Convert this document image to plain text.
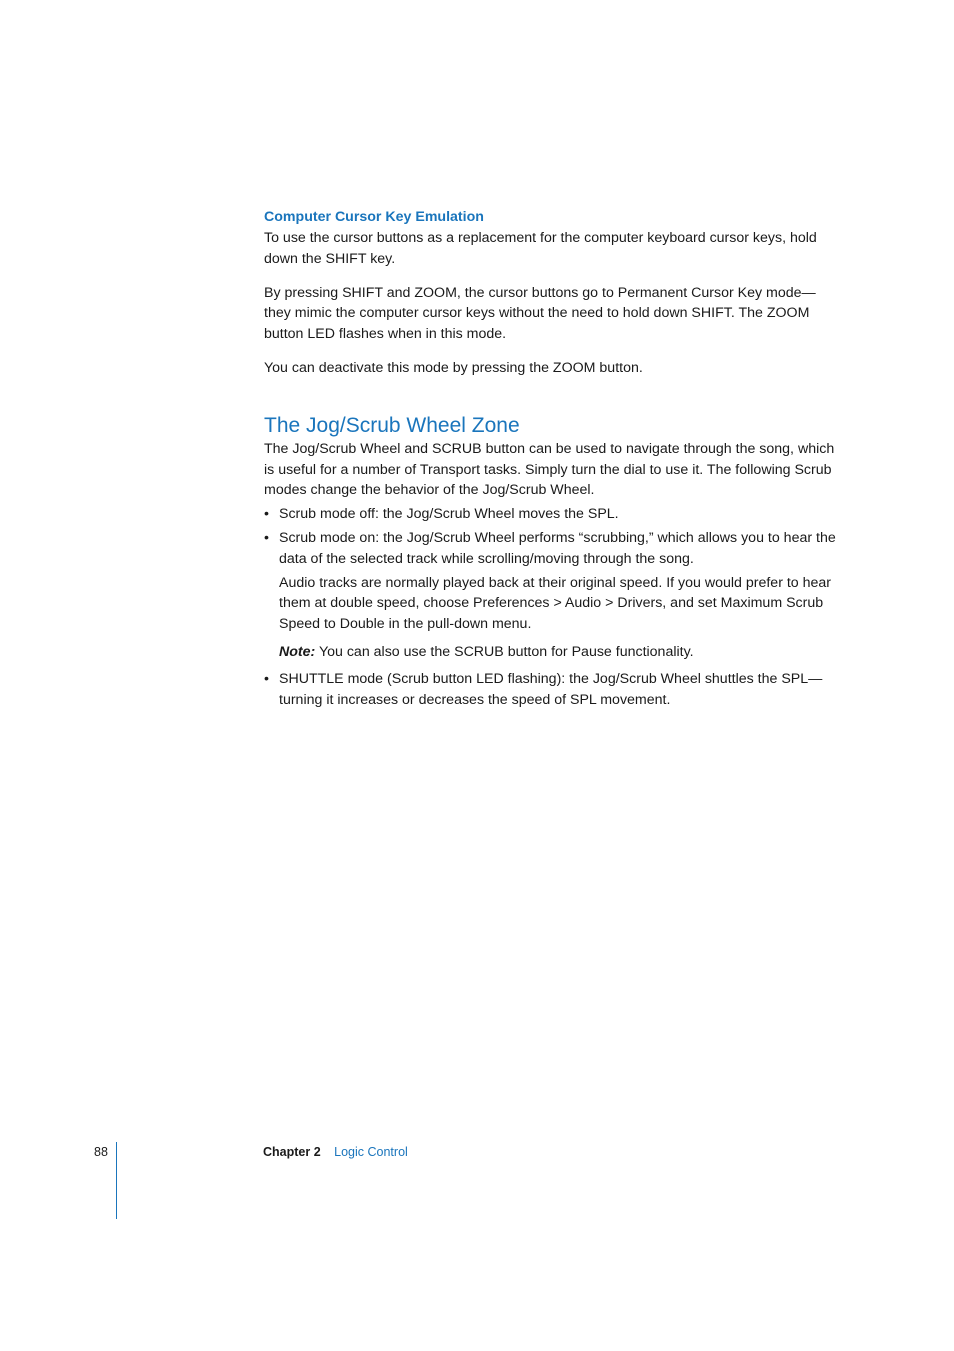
Computer Cursor Key Emulation

To use the cursor buttons as a replacement for the computer keyboard cursor keys, hold down the SHIFT key.

By pressing SHIFT and ZOOM, the cursor buttons go to Permanent Cursor Key mode—they mimic the computer cursor keys without the need to hold down SHIFT. The ZOOM button LED flashes when in this mode.

You can deactivate this mode by pressing the ZOOM button.

The Jog/Scrub Wheel Zone

The Jog/Scrub Wheel and SCRUB button can be used to navigate through the song, which is useful for a number of Transport tasks. Simply turn the dial to use it. The following Scrub modes change the behavior of the Jog/Scrub Wheel.

• Scrub mode off: the Jog/Scrub Wheel moves the SPL.
• Scrub mode on: the Jog/Scrub Wheel performs “scrubbing,” which allows you to hear the data of the selected track while scrolling/moving through the song.

Audio tracks are normally played back at their original speed. If you would prefer to hear them at double speed, choose Preferences > Audio > Drivers, and set Maximum Scrub Speed to Double in the pull-down menu.

Note: You can also use the SCRUB button for Pause functionality.

• SHUTTLE mode (Scrub button LED flashing): the Jog/Scrub Wheel shuttles the SPL—turning it increases or decreases the speed of SPL movement.
88	Chapter 2 Logic Control
